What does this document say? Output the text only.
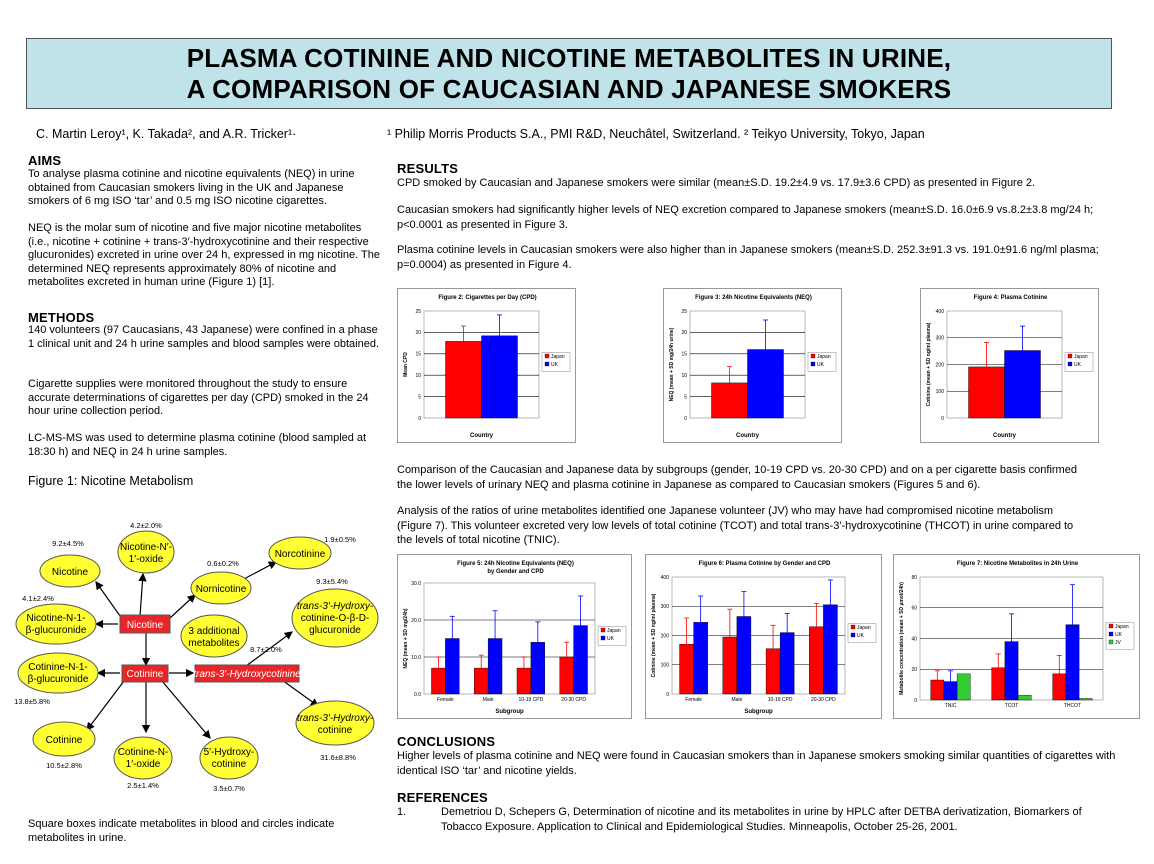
PLASMA COTININE AND NICOTINE METABOLITES IN URINE,
A COMPARISON OF CAUCASIAN AND JAPANESE SMOKERS
C. Martin Leroy¹, K. Takada², and A.R. Tricker¹·	¹ Philip Morris Products S.A., PMI R&D, Neuchâtel, Switzerland. ² Teikyo University, Tokyo, Japan
AIMS
To analyse plasma cotinine and nicotine equivalents (NEQ) in urine obtained from Caucasian smokers living in the UK and Japanese smokers of 6 mg ISO ‘tar’ and 0.5 mg ISO nicotine cigarettes.
NEQ is the molar sum of nicotine and five major nicotine metabolites (i.e., nicotine + cotinine + trans-3′-hydroxycotinine and their respective glucuronides) excreted in urine over 24 h, expressed in mg nicotine. The determined NEQ represents approximately 80% of nicotine and metabolites excreted in human urine (Figure 1) [1].
METHODS
140 volunteers (97 Caucasians, 43 Japanese) were confined in a phase 1 clinical unit and 24 h urine samples and blood samples were obtained.
Cigarette supplies were monitored throughout the study to ensure accurate determinations of cigarettes per day (CPD) smoked in the 24 hour urine collection period.
LC-MS-MS was used to determine plasma cotinine (blood sampled at 18:30 h) and NEQ in 24 h urine samples.
Figure 1: Nicotine Metabolism
Nicotine
Nicotine-N′-
1′-oxide
Nornicotine
Norcotinine
Nicotine-N-1-
β-glucuronide	Nicotine
3 additional
metabolites
trans-3′-Hydroxy-
cotinine-O-β-D-
glucuronide
Cotinine-N-1-
β-glucuronide	Cotinine	trans-3′-Hydroxycotinine
trans-3′-Hydroxy-
cotinine
Cotinine
Cotinine-N-
1′-oxide
5′-Hydroxy-
cotinine
9.2±4.5%
4.2±2.0%
0.6±0.2%
1.9±0.5%
4.1±2.4%
9.3±5.4%
8.7±2.0%
13.8±5.8%
10.5±2.8%
2.5±1.4%	3.5±0.7%
31.6±8.8%
Square boxes indicate metabolites in blood and circles indicate metabolites in urine.
RESULTS
CPD smoked by Caucasian and Japanese smokers were similar (mean±S.D. 19.2±4.9 vs. 17.9±3.6 CPD) as presented in Figure 2.
Caucasian smokers had significantly higher levels of NEQ excretion compared to Japanese smokers (mean±S.D. 16.0±6.9 vs.8.2±3.8 mg/24 h; p<0.0001 as presented in Figure 3.
Plasma cotinine levels in Caucasian smokers were also higher than in Japanese smokers (mean±S.D. 252.3±91.3 vs. 191.0±91.6 ng/ml plasma; p=0.0004) as presented in Figure 4.
Figure 2: Cigarettes per Day (CPD)
0
5
10
15
20
25
Country
Mean CPD	Japan
UK
Figure 3: 24h Nicotine Equivalents (NEQ)
0
5
10
15
20
25
Country
NEQ (mean + SD mg/24h urine)	Japan
UK
Figure 4: Plasma Cotinine
0
100
200
300
400
Country
Cotinine (mean + SD ng/ml plasma)	Japan
UK
Comparison of the Caucasian and Japanese data by subgroups (gender, 10-19 CPD vs. 20-30 CPD) and on a per cigarette basis confirmed the lower levels of urinary NEQ and plasma cotinine in Japanese as compared to Caucasian smokers (Figures 5 and 6).
Analysis of the ratios of urine metabolites identified one Japanese volunteer (JV) who may have had compromised nicotine metabolism (Figure 7). This volunteer excreted very low levels of total cotinine (TCOT) and total trans-3′-hydroxycotinine (THCOT) in urine compared to the levels of total nicotine (TNIC).
Figure 5: 24h Nicotine Equivalents (NEQ)
by Gender and CPD
0.0
10.0
20.0
30.0
Female	Male	10-19 CPD	20-30 CPD
Subgroup
NEQ (mean + SD mg/24h)	Japan
UK
Figure 6: Plasma Cotinine by Gender and CPD
0
100
200
300
400
Female	Male	10-19 CPD	20-30 CPD
Subgroup
Cotinine (mean + SD ng/ml plasma)	Japan
UK
Figure 7: Nicotine Metabolites in 24h Urine
0
20
40
60
80
TNIC	TCOT	THCOT
Metabolite concentration (mean + SD µmol/24h)	Japan
UK
JV
CONCLUSIONS
Higher levels of plasma cotinine and NEQ were found in Caucasian smokers than in Japanese smokers smoking similar quantities of cigarettes with identical ISO ‘tar’ and nicotine yields.
REFERENCES
1.	Demetriou D, Schepers G, Determination of nicotine and its metabolites in urine by HPLC after DETBA derivatization, Biomarkers of Tobacco Exposure. Application to Clinical and Epidemiological Studies. Minneapolis, October 25-26, 2001.
